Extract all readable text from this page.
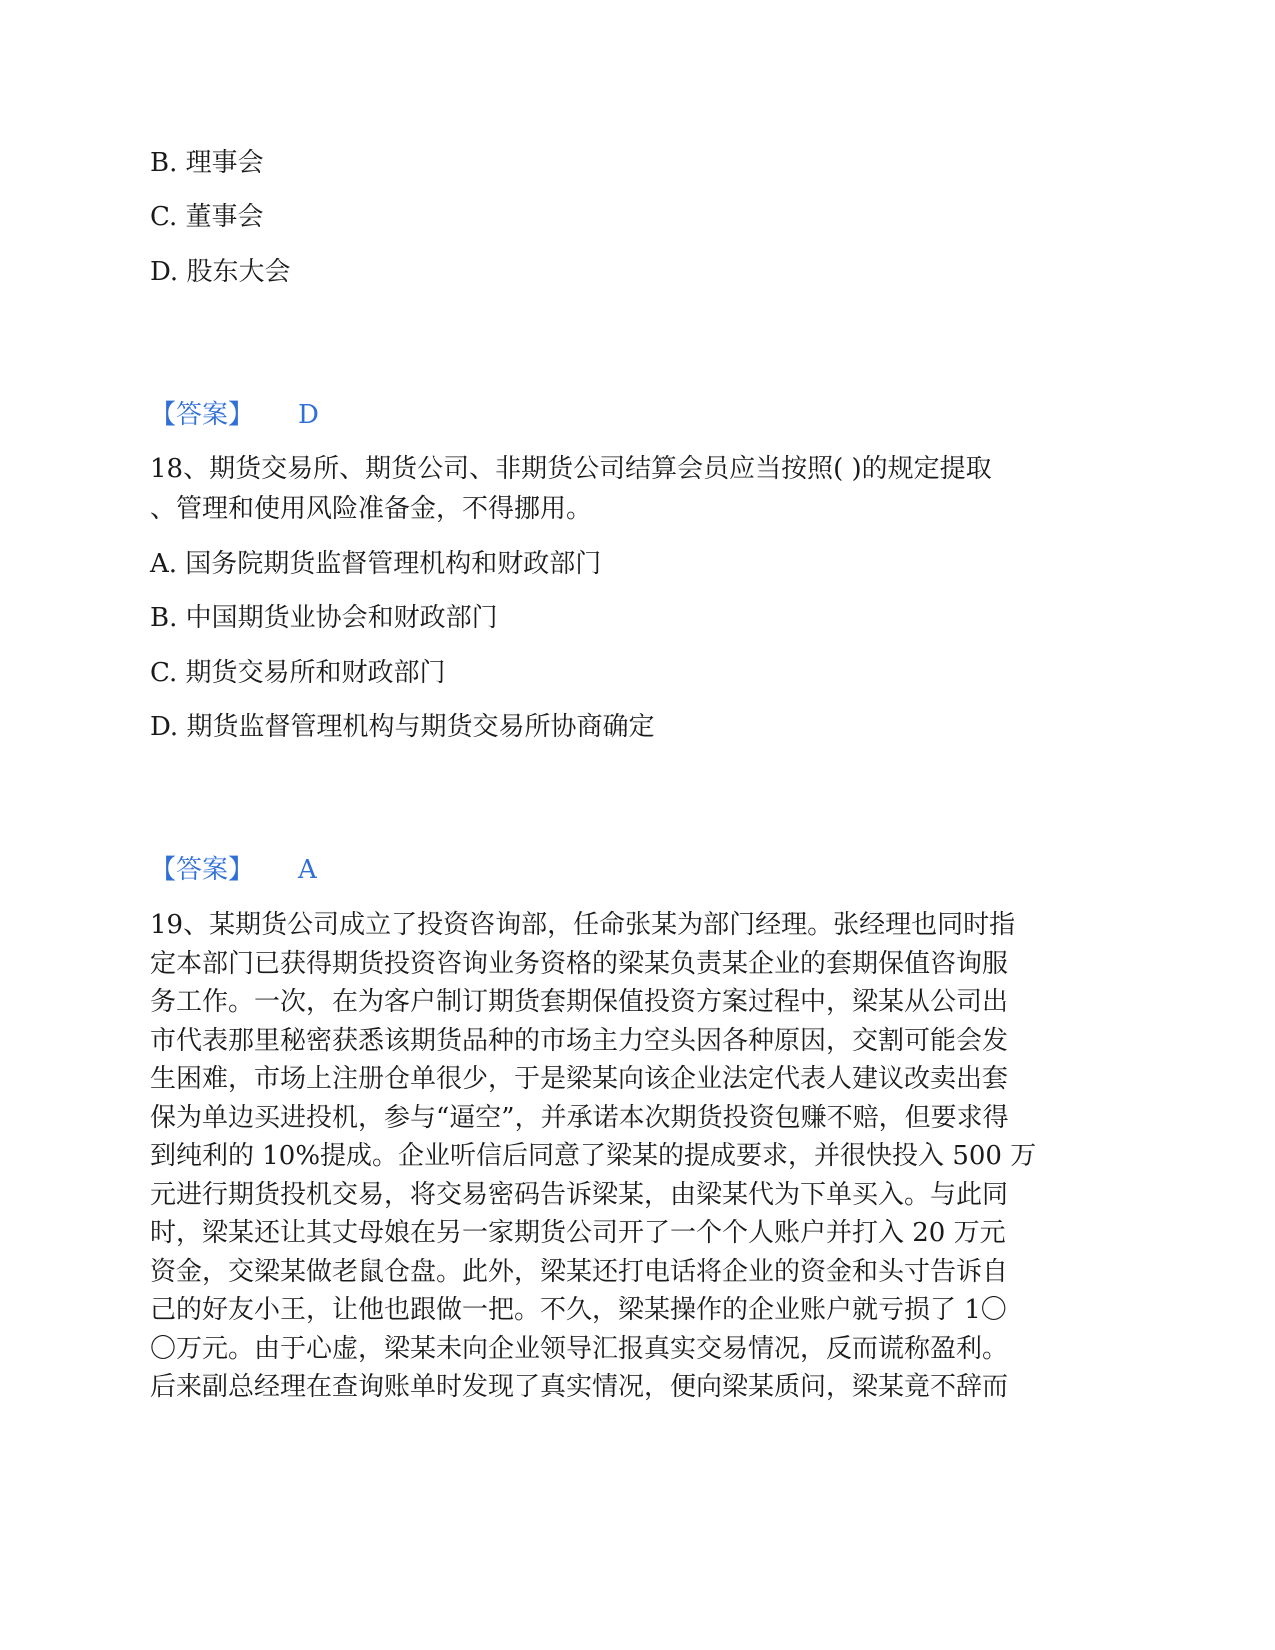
B. 理事会
C. 董事会
D. 股东大会
【答案】 D
18、期货交易所、期货公司、非期货公司结算会员应当按照( )的规定提取
、管理和使用风险准备金，不得挪用。
A. 国务院期货监督管理机构和财政部门
B. 中国期货业协会和财政部门
C. 期货交易所和财政部门
D. 期货监督管理机构与期货交易所协商确定
【答案】 A
19、某期货公司成立了投资咨询部，任命张某为部门经理。张经理也同时指
定本部门已获得期货投资咨询业务资格的梁某负责某企业的套期保值咨询服
务工作。一次，在为客户制订期货套期保值投资方案过程中，梁某从公司出
市代表那里秘密获悉该期货品种的市场主力空头因各种原因，交割可能会发
生困难，市场上注册仓单很少，于是梁某向该企业法定代表人建议改卖出套
保为单边买进投机，参与“逼空”，并承诺本次期货投资包赚不赔，但要求得
到纯利的 10%提成。企业听信后同意了梁某的提成要求，并很快投入 500 万
元进行期货投机交易，将交易密码告诉梁某，由梁某代为下单买入。与此同
时，梁某还让其丈母娘在另一家期货公司开了一个个人账户并打入 20 万元
资金，交梁某做老鼠仓盘。此外，梁某还打电话将企业的资金和头寸告诉自
己的好友小王，让他也跟做一把。不久，梁某操作的企业账户就亏损了 1〇
〇万元。由于心虚，梁某未向企业领导汇报真实交易情况，反而谎称盈利。
后来副总经理在查询账单时发现了真实情况，便向梁某质问，梁某竟不辞而
